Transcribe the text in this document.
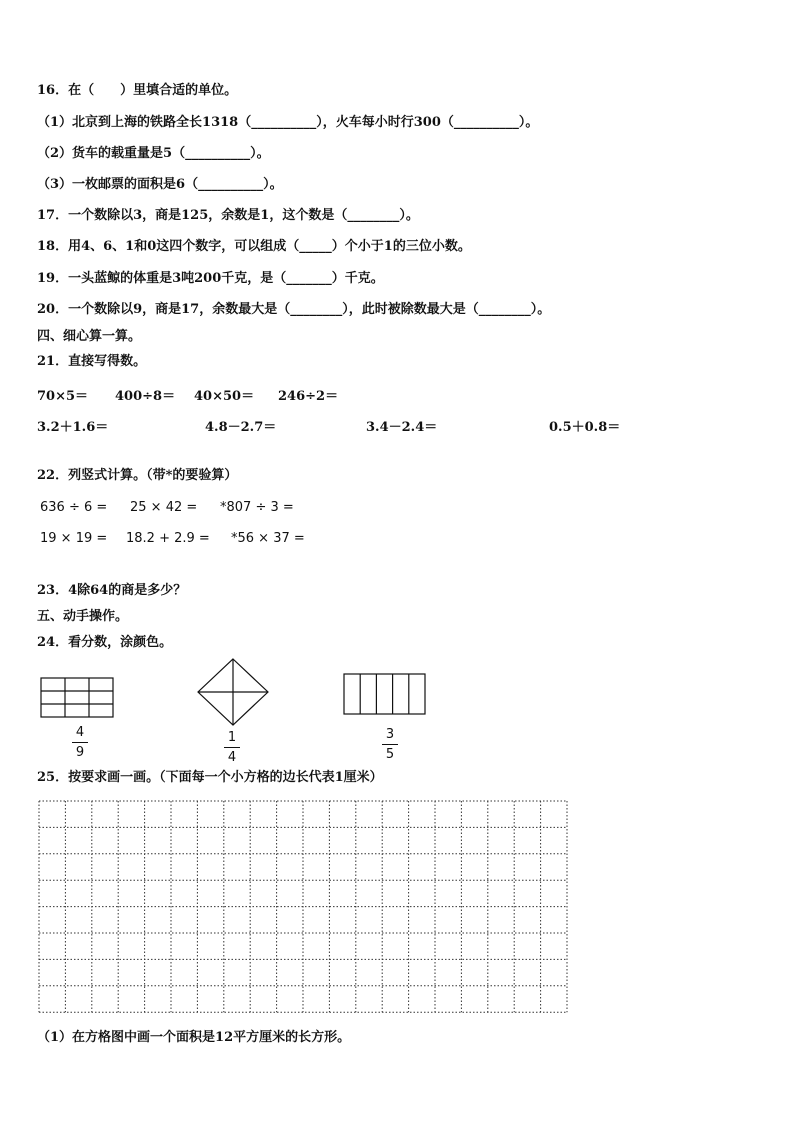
16．在（　　）里填合适的单位。
（1）北京到上海的铁路全长1318（__________），火车每小时行300（__________）。
（2）货车的载重量是5（__________）。
（3）一枚邮票的面积是6（__________）。
17．一个数除以3，商是125，余数是1，这个数是（________）。
18．用4、6、1和0这四个数字，可以组成（_____）个小于1的三位小数。
19．一头蓝鲸的体重是3吨200千克，是（_______）千克。
20．一个数除以9，商是17，余数最大是（________），此时被除数最大是（________）。
四、细心算一算。
21．直接写得数。
70×5＝ 400÷8＝ 40×50＝ 246÷2＝
3.2＋1.6＝	4.8－2.7＝	3.4－2.4＝	0.5＋0.8＝
22．列竖式计算。（带*的要验算）
636 ÷ 6 = 25 × 42 = *807 ÷ 3 =
19 × 19 = 18.2 + 2.9 = *56 × 37 =
23．4除64的商是多少？
五、动手操作。
24．看分数，涂颜色。
4
9
1
4
3
5
25．按要求画一画。（下面每一个小方格的边长代表1厘米）
（1）在方格图中画一个面积是12平方厘米的长方形。
